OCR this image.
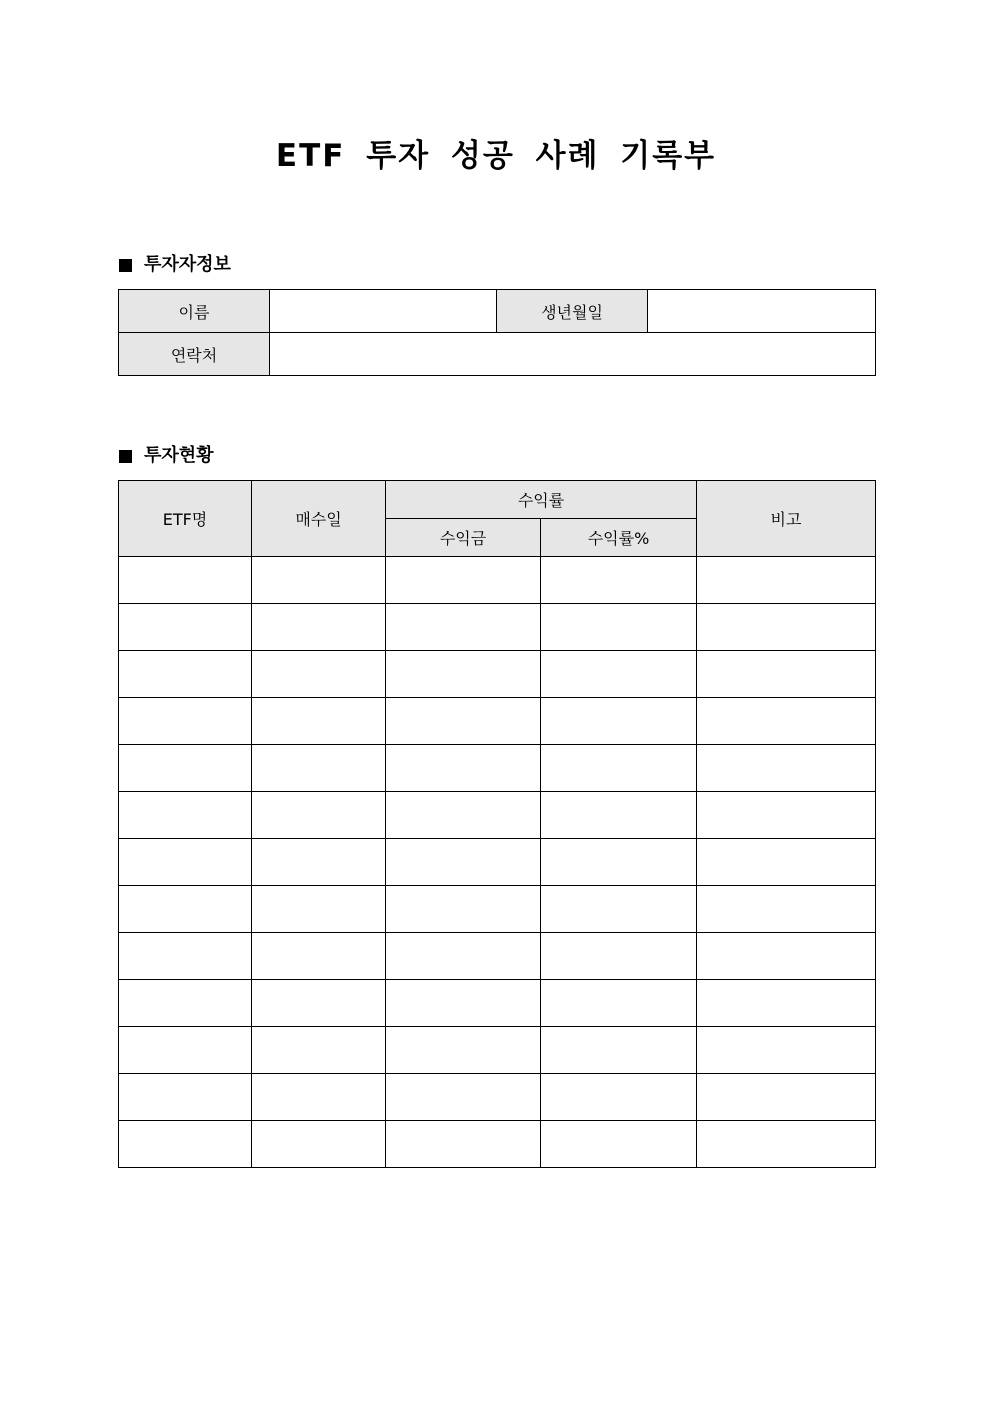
ETF 투자 성공 사례 기록부
투자자정보
이름		생년월일	
연락처			
투자현황
ETF명	매수일	수익률		비고
		수익금	수익률%	
